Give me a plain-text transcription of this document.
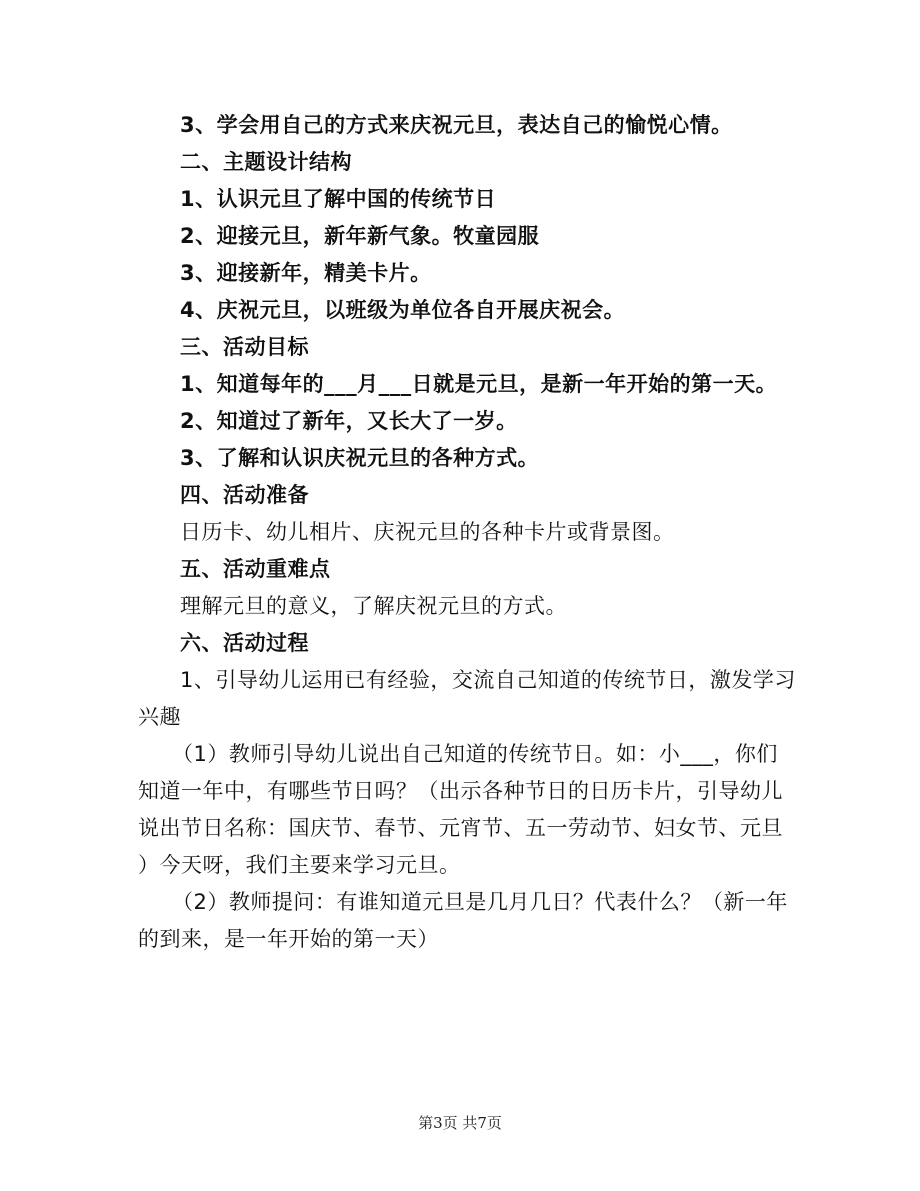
3、学会用自己的方式来庆祝元旦，表达自己的愉悦心情。
二、主题设计结构
1、认识元旦了解中国的传统节日
2、迎接元旦，新年新气象。牧童园服
3、迎接新年，精美卡片。
4、庆祝元旦，以班级为单位各自开展庆祝会。
三、活动目标
1、知道每年的___月___日就是元旦，是新一年开始的第一天。
2、知道过了新年，又长大了一岁。
3、了解和认识庆祝元旦的各种方式。
四、活动准备
日历卡、幼儿相片、庆祝元旦的各种卡片或背景图。
五、活动重难点
理解元旦的意义，了解庆祝元旦的方式。
六、活动过程
1、引导幼儿运用已有经验，交流自己知道的传统节日，激发学习
兴趣
（1）教师引导幼儿说出自己知道的传统节日。如：小___，你们
知道一年中，有哪些节日吗？（出示各种节日的日历卡片，引导幼儿
说出节日名称：国庆节、春节、元宵节、五一劳动节、妇女节、元旦
）今天呀，我们主要来学习元旦。
（2）教师提问：有谁知道元旦是几月几日？代表什么？（新一年
的到来，是一年开始的第一天）
第3页 共7页
